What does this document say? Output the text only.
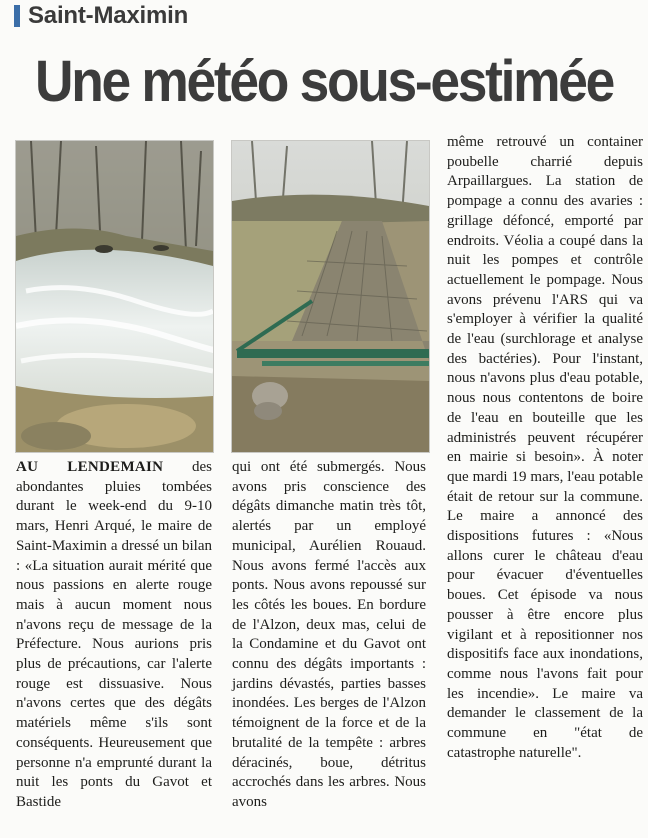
Saint-Maximin
Une météo sous-estimée

AU LENDEMAIN des abondantes pluies tombées durant le week-end du 9-10 mars, Henri Arqué, le maire de Saint-Maximin a dressé un bilan : «La situation aurait mérité que nous passions en alerte rouge mais à aucun moment nous n'avons reçu de message de la Préfecture. Nous aurions pris plus de précautions, car l'alerte rouge est dissuasive. Nous n'avons certes que des dégâts matériels même s'ils sont conséquents. Heureusement que personne n'a emprunté durant la nuit les ponts du Gavot et Bastide

qui ont été submergés. Nous avons pris conscience des dégâts dimanche matin très tôt, alertés par un employé municipal, Aurélien Rouaud. Nous avons fermé l'accès aux ponts. Nous avons repoussé sur les côtés les boues. En bordure de l'Alzon, deux mas, celui de la Condamine et du Gavot ont connu des dégâts importants : jardins dévastés, parties basses inondées. Les berges de l'Alzon témoignent de la force et de la brutalité de la tempête : arbres déracinés, boue, détritus accrochés dans les arbres. Nous avons

même retrouvé un container poubelle charrié depuis Arpaillargues. La station de pompage a connu des avaries : grillage défoncé, emporté par endroits. Véolia a coupé dans la nuit les pompes et contrôle actuellement le pompage. Nous avons prévenu l'ARS qui va s'employer à vérifier la qualité de l'eau (surchlorage et analyse des bactéries). Pour l'instant, nous n'avons plus d'eau potable, nous nous contentons de boire de l'eau en bouteille que les administrés peuvent récupérer en mairie si besoin». À noter que mardi 19 mars, l'eau potable était de retour sur la commune. Le maire a annoncé des dispositions futures : «Nous allons curer le château d'eau pour évacuer d'éventuelles boues. Cet épisode va nous pousser à être encore plus vigilant et à repositionner nos dispositifs face aux inondations, comme nous l'avons fait pour les incendie». Le maire va demander le classement de la commune en "état de catastrophe naturelle".
